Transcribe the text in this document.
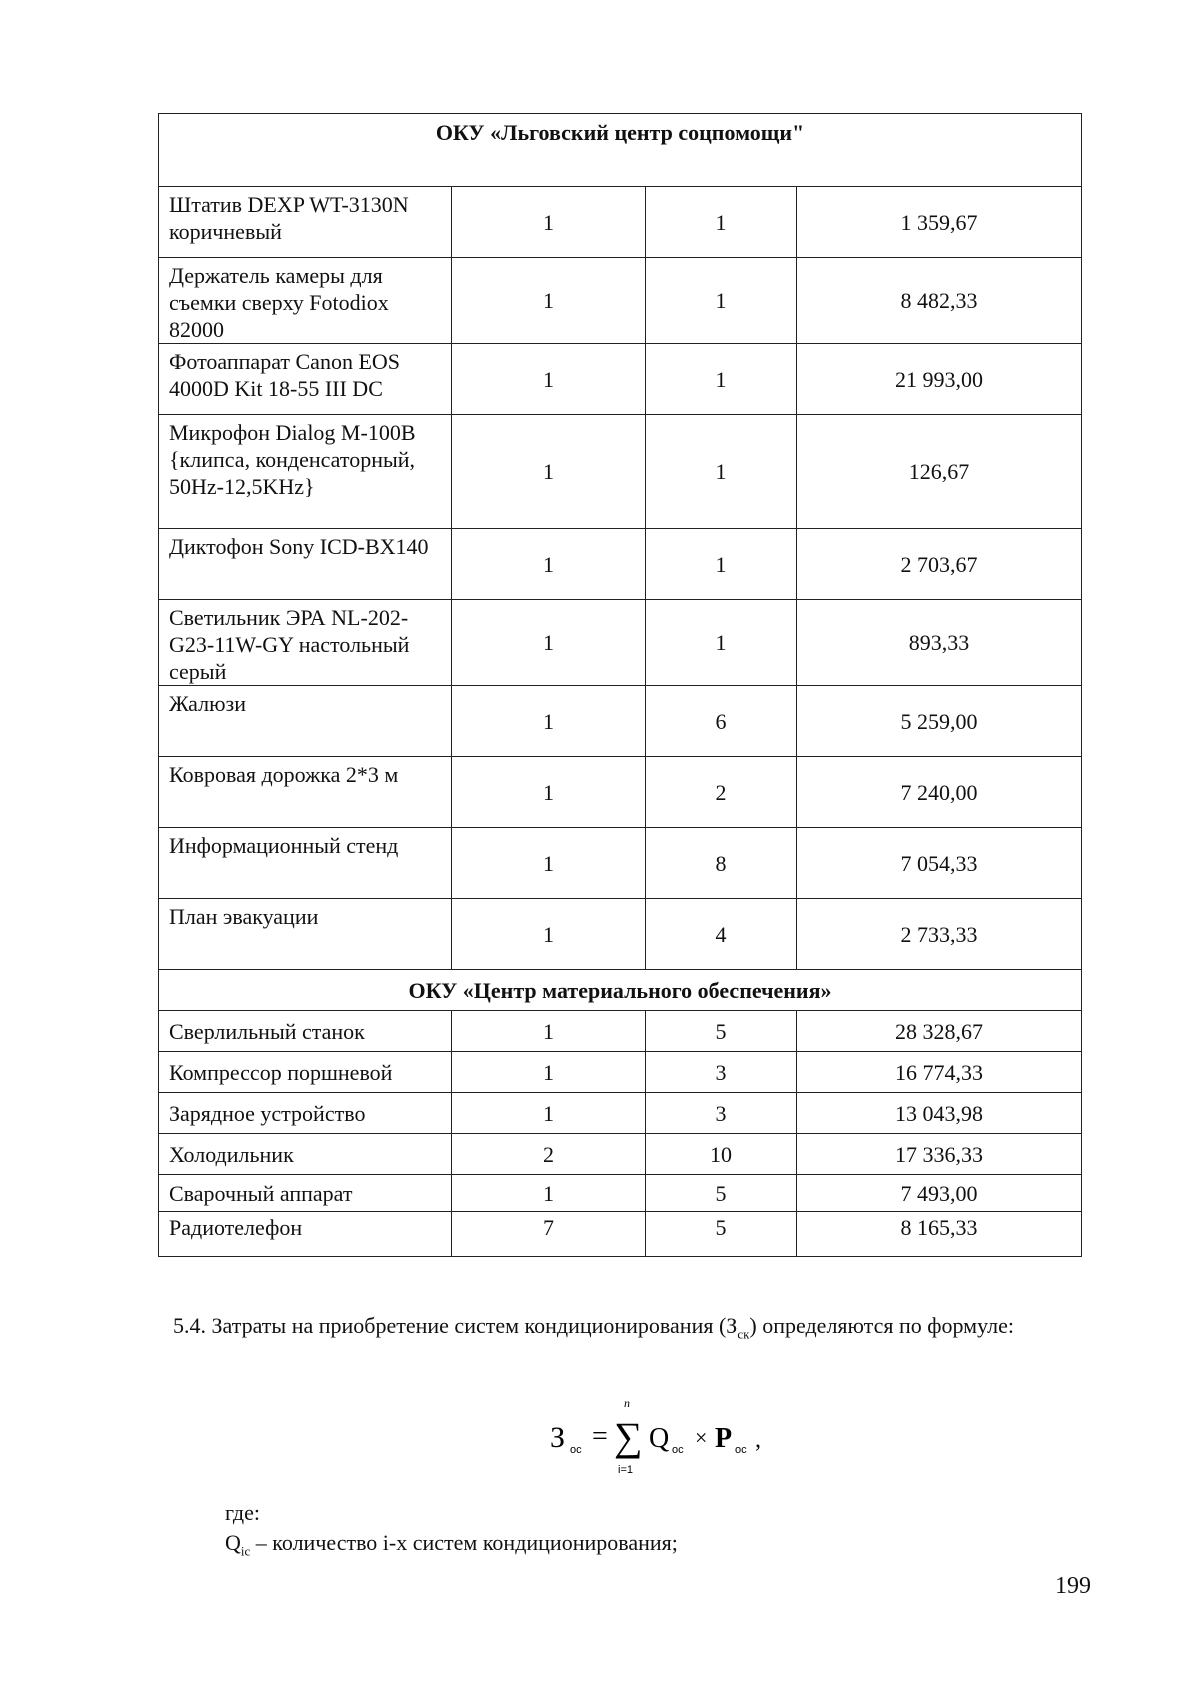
ОКУ «Льговский центр соцпомощи"			
Штатив DEXP WT-3130N коричневый	1	1	1 359,67
Держатель камеры для съемки сверху Fotodiox 82000	1	1	8 482,33
Фотоаппарат Canon EOS 4000D Kit 18-55 III DC	1	1	21 993,00
Микрофон Dialog M-100B {клипса, конденсаторный, 50Hz-12,5KHz}	1	1	126,67
Диктофон Sony ICD-BX140	1	1	2 703,67
Светильник ЭРА NL-202-G23-11W-GY настольный серый	1	1	893,33
Жалюзи	1	6	5 259,00
Ковровая дорожка 2*3 м	1	2	7 240,00
Информационный стенд	1	8	7 054,33
План эвакуации	1	4	2 733,33
ОКУ «Центр материального обеспечения»			
Сверлильный станок	1	5	28 328,67
Компрессор поршневой	1	3	16 774,33
Зарядное устройство	1	3	13 043,98
Холодильник	2	10	17 336,33
Сварочный аппарат	1	5	7 493,00
Радиотелефон	7	5	8 165,33
5.4. Затраты на приобретение систем кондиционирования $(З_{ск})$ определяются по формуле:
З ос =
n
∑
i=1
Q ос × P ос ,
где:
$Q_{ic}$ – количество i-х систем кондиционирования;
199
